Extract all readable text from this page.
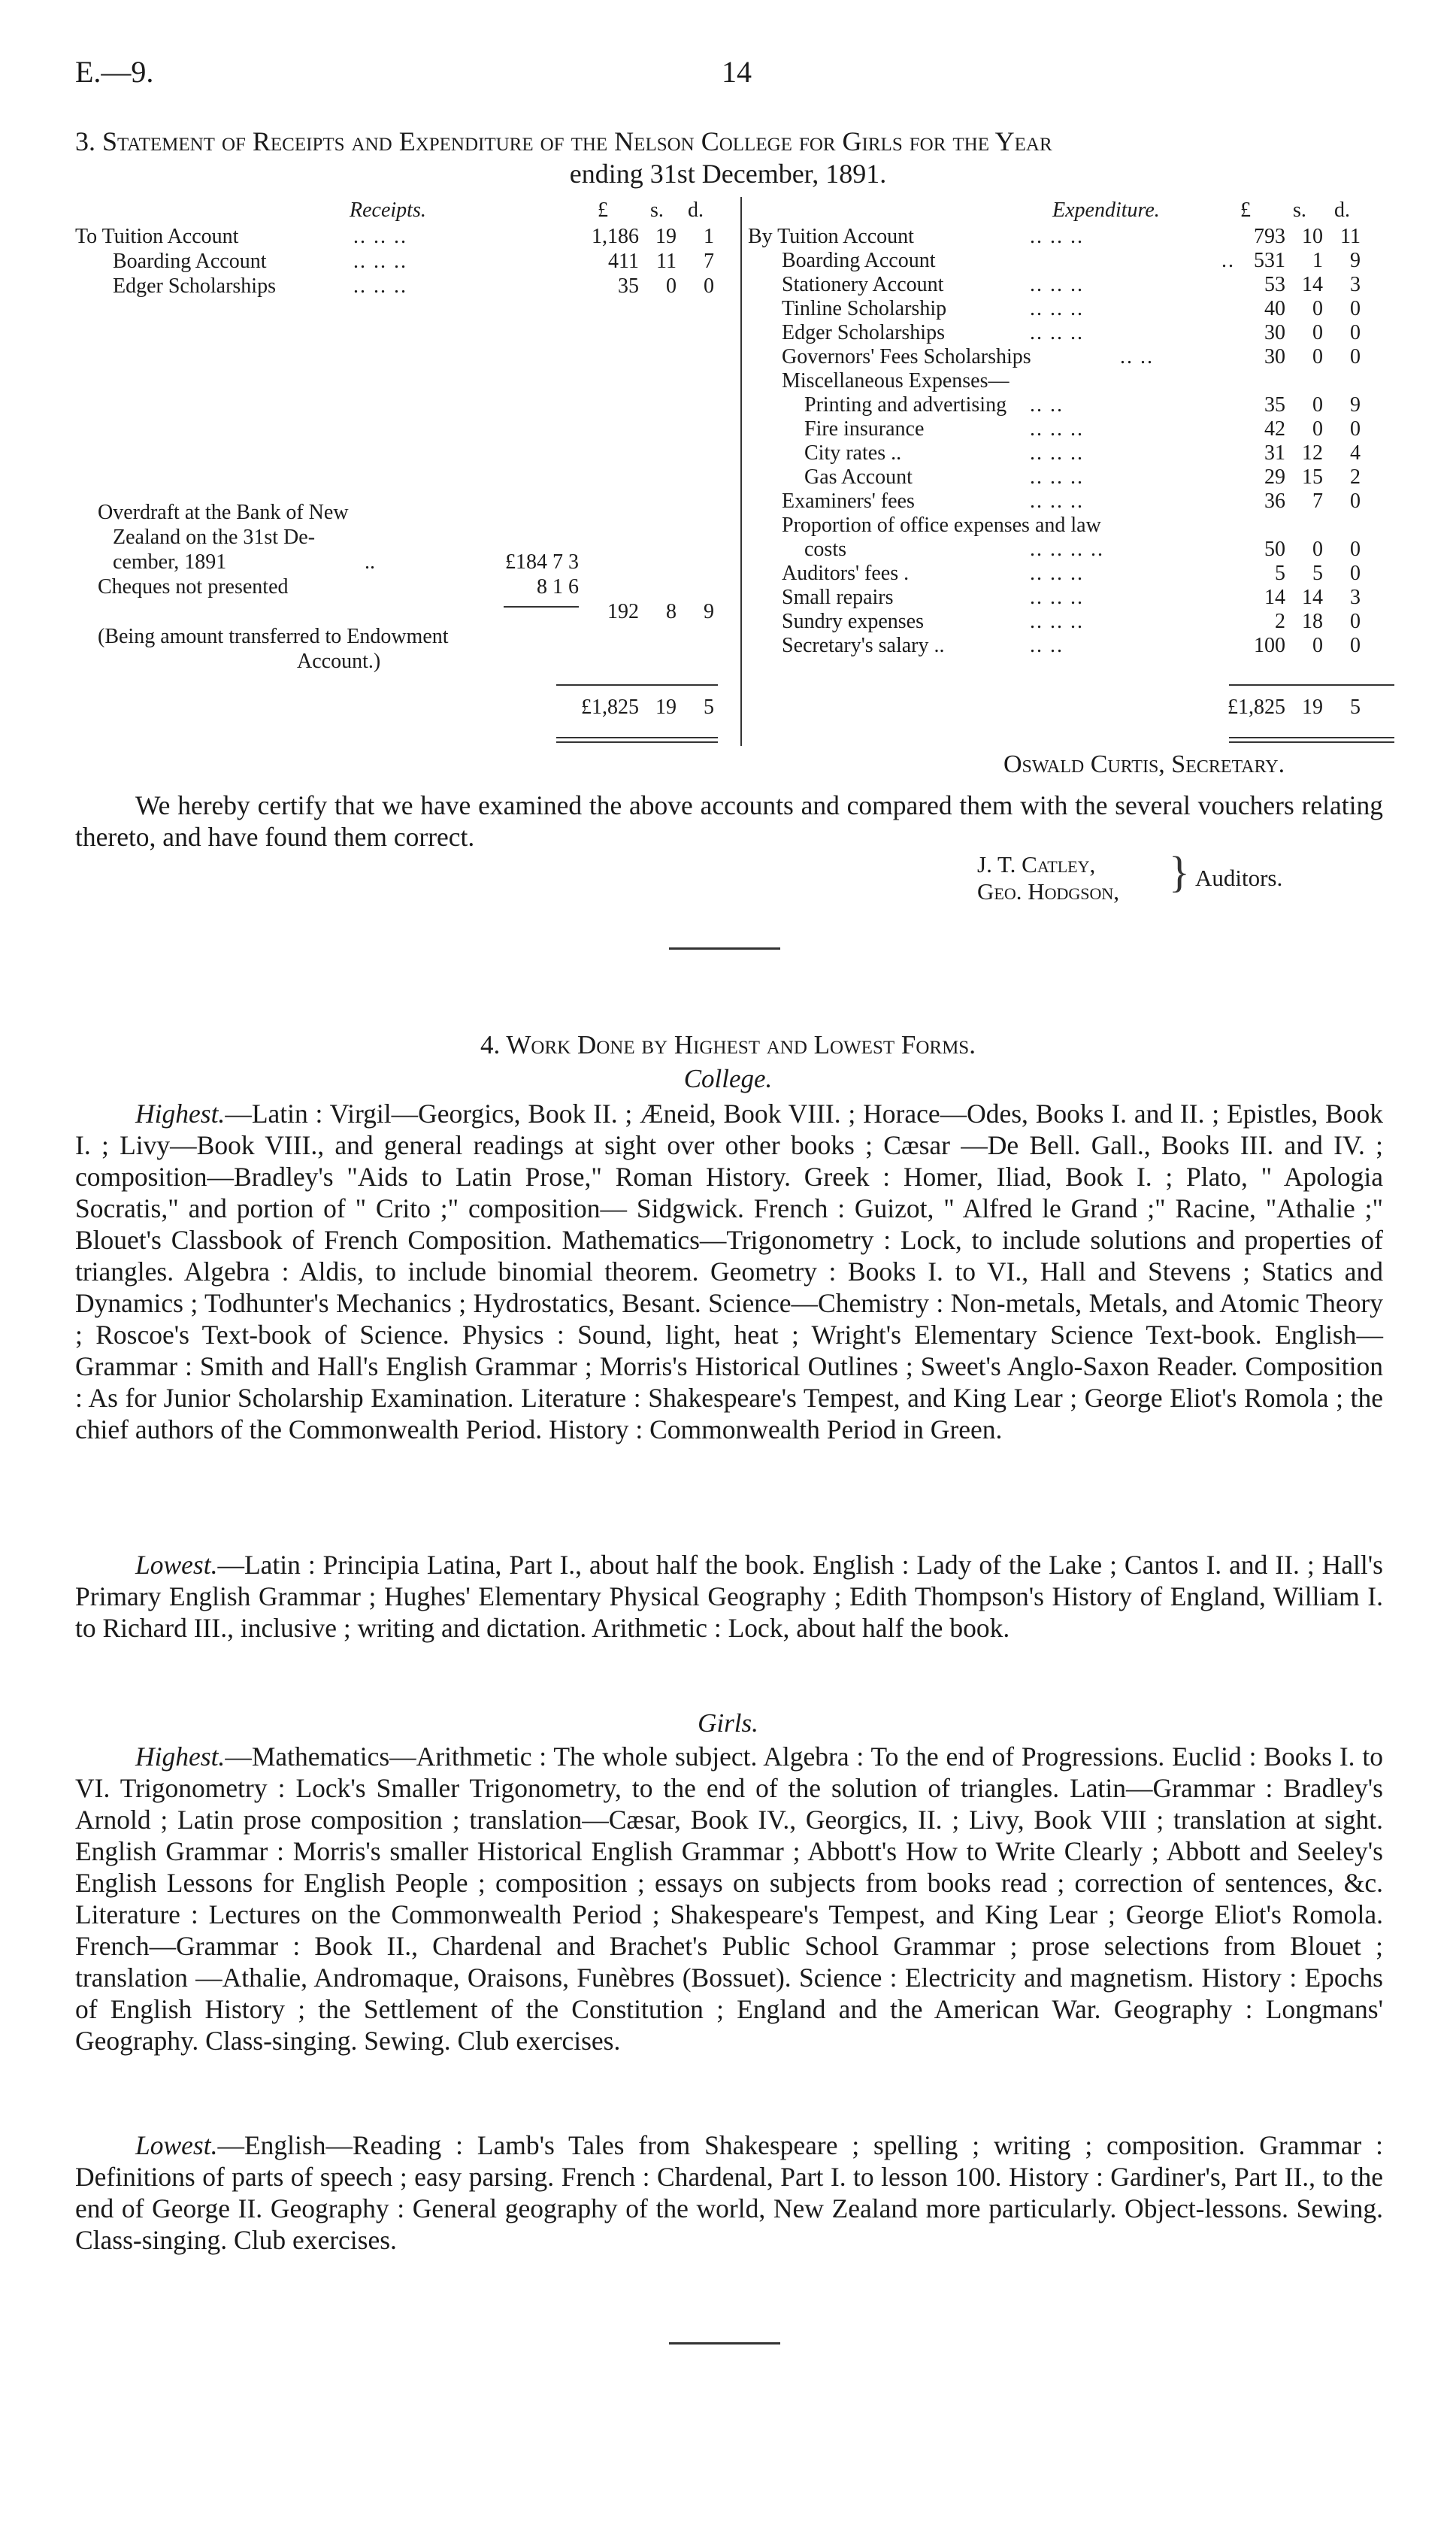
E.—9.	14
3. Statement of Receipts and Expenditure of the Nelson College for Girls for the Year
ending 31st December, 1891.
Receipts.	£ s. d.
To Tuition Account	.. .. ..	1,186 19	1
Boarding Account	.. .. ..	411 11	7
Edger Scholarships	.. .. ..	35	0	0
Overdraft at the Bank of New
Zealand on the 31st De-
cember, 1891	..	£184 7 3
Cheques not presented	8 1 6
192	8	9
(Being amount transferred to Endowment
Account.)
£1,825 19	5
Expenditure.	£ s. d.
By Tuition Account	.. .. ..	793 10 11
Boarding Account	.. 531	1	9
Stationery Account	.. .. ..	53 14	3
Tinline Scholarship	.. .. ..	40	0	0
Edger Scholarships	.. .. ..	30	0	0
Governors' Fees Scholarships	.. ..	30	0	0
Miscellaneous Expenses—
Printing and advertising .. ..	35	0	9
Fire insurance	.. .. ..	42	0	0
City rates ..	.. .. ..	31 12	4
Gas Account	.. .. ..	29 15	2
Examiners' fees	.. .. ..	36	7	0
Proportion of office expenses and law
costs	.. .. .. ..	50	0	0
Auditors' fees .	.. .. ..	5	5	0
Small repairs	.. .. ..	14 14	3
Sundry expenses	.. .. ..	2 18	0
Secretary's salary ..	.. ..	100	0	0
£1,825 19	5
Oswald Curtis, Secretary.
We hereby certify that we have examined the above accounts and compared them with the several vouchers relating thereto, and have found them correct.
J. T. Catley,
Geo. Hodgson, } Auditors.
4. Work Done by Highest and Lowest Forms.
College.
Highest.—Latin : Virgil—Georgics, Book II. ; Æneid, Book VIII. ; Horace—Odes, Books I. and II. ; Epistles, Book I. ; Livy—Book VIII., and general readings at sight over other books ; Cæsar —De Bell. Gall., Books III. and IV. ; composition—Bradley's "Aids to Latin Prose," Roman History. Greek : Homer, Iliad, Book I. ; Plato, " Apologia Socratis," and portion of " Crito ;" composition— Sidgwick. French : Guizot, " Alfred le Grand ;" Racine, "Athalie ;" Blouet's Classbook of French Composition. Mathematics—Trigonometry : Lock, to include solutions and properties of triangles. Algebra : Aldis, to include binomial theorem. Geometry : Books I. to VI., Hall and Stevens ; Statics and Dynamics ; Todhunter's Mechanics ; Hydrostatics, Besant. Science—Chemistry : Non-metals, Metals, and Atomic Theory ; Roscoe's Text-book of Science. Physics : Sound, light, heat ; Wright's Elementary Science Text-book. English—Grammar : Smith and Hall's English Grammar ; Morris's Historical Outlines ; Sweet's Anglo-Saxon Reader. Composition : As for Junior Scholarship Examination. Literature : Shakespeare's Tempest, and King Lear ; George Eliot's Romola ; the chief authors of the Commonwealth Period. History : Commonwealth Period in Green.
Lowest.—Latin : Principia Latina, Part I., about half the book. English : Lady of the Lake ; Cantos I. and II. ; Hall's Primary English Grammar ; Hughes' Elementary Physical Geography ; Edith Thompson's History of England, William I. to Richard III., inclusive ; writing and dictation. Arithmetic : Lock, about half the book.
Girls.
Highest.—Mathematics—Arithmetic : The whole subject. Algebra : To the end of Progressions. Euclid : Books I. to VI. Trigonometry : Lock's Smaller Trigonometry, to the end of the solution of triangles. Latin—Grammar : Bradley's Arnold ; Latin prose composition ; translation—Cæsar, Book IV., Georgics, II. ; Livy, Book VIII ; translation at sight. English Grammar : Morris's smaller Historical English Grammar ; Abbott's How to Write Clearly ; Abbott and Seeley's English Lessons for English People ; composition ; essays on subjects from books read ; correction of sentences, &c. Literature : Lectures on the Commonwealth Period ; Shakespeare's Tempest, and King Lear ; George Eliot's Romola. French—Grammar : Book II., Chardenal and Brachet's Public School Grammar ; prose selections from Blouet ; translation —Athalie, Andromaque, Oraisons, Funèbres (Bossuet). Science : Electricity and magnetism. History : Epochs of English History ; the Settlement of the Constitution ; England and the American War. Geography : Longmans' Geography. Class-singing. Sewing. Club exercises.
Lowest.—English—Reading : Lamb's Tales from Shakespeare ; spelling ; writing ; composition. Grammar : Definitions of parts of speech ; easy parsing. French : Chardenal, Part I. to lesson 100. History : Gardiner's, Part II., to the end of George II. Geography : General geography of the world, New Zealand more particularly. Object-lessons. Sewing. Class-singing. Club exercises.
